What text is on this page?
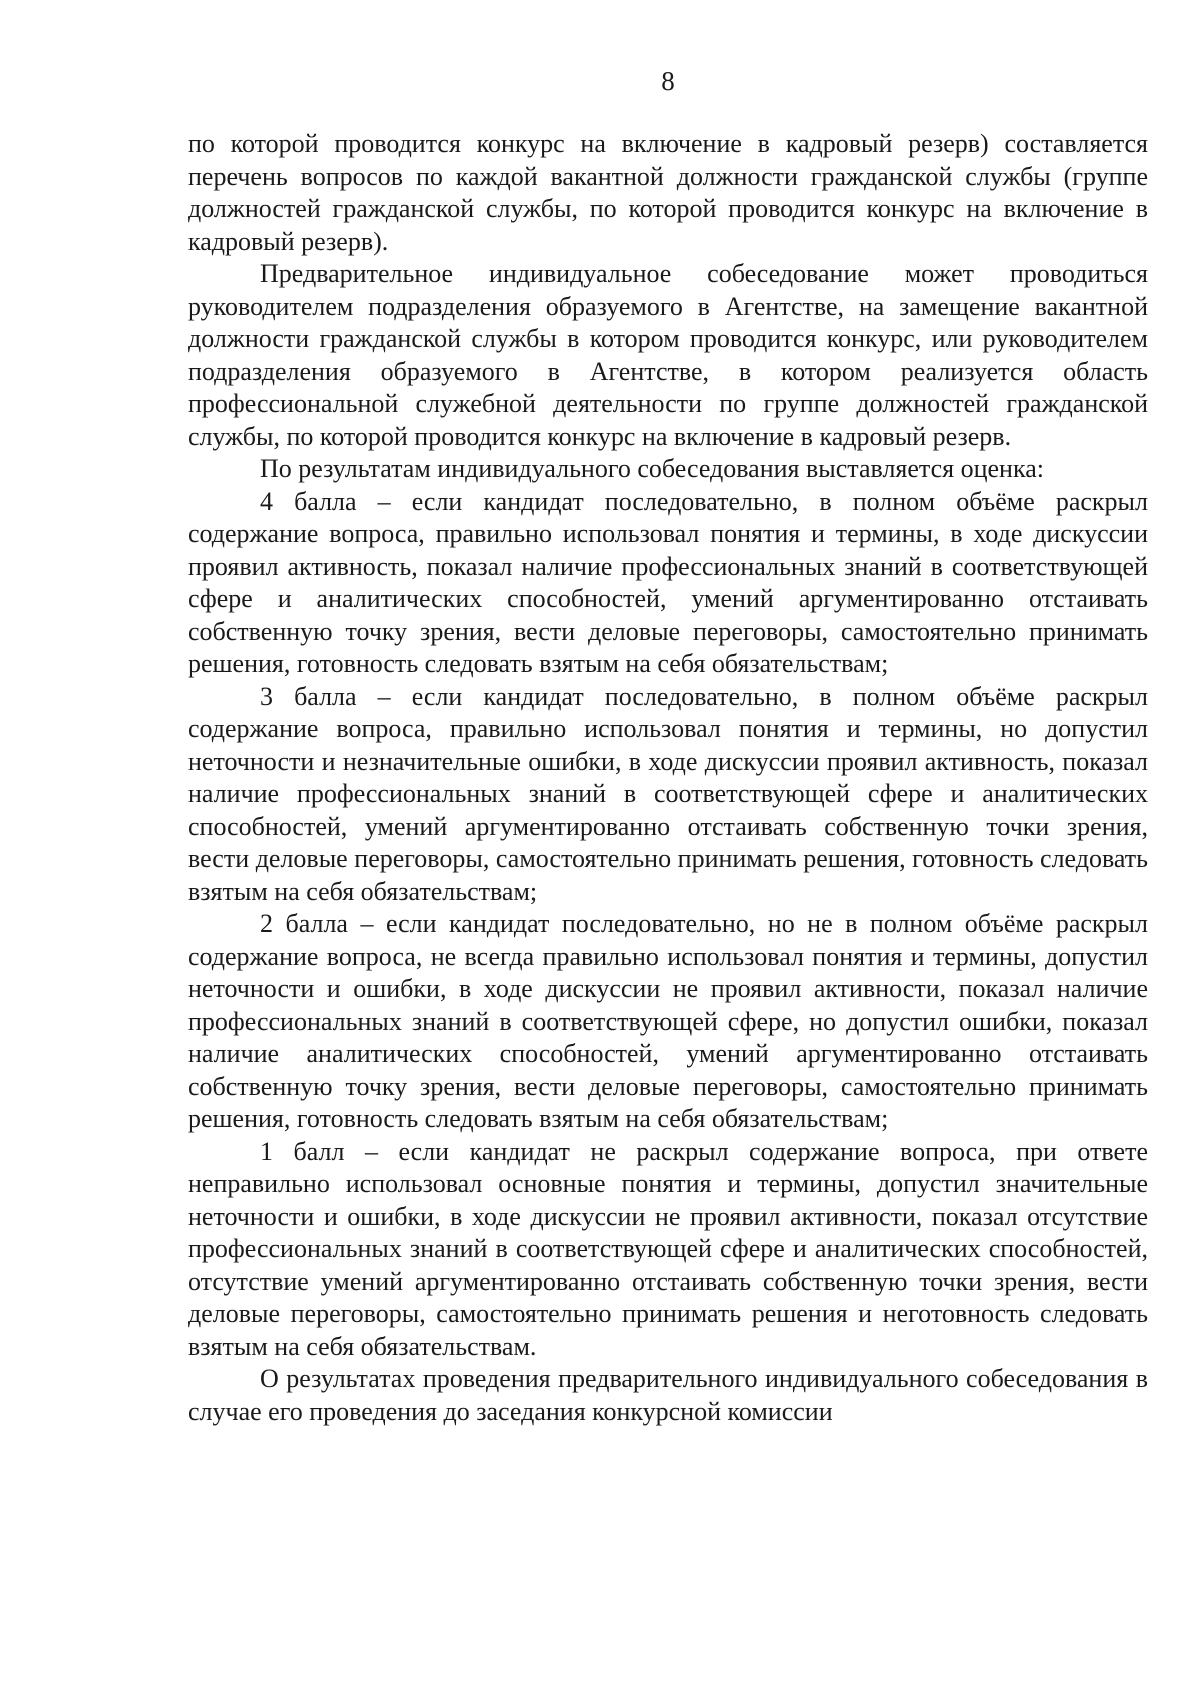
8

по которой проводится конкурс на включение в кадровый резерв) составляется перечень вопросов по каждой вакантной должности гражданской службы (группе должностей гражданской службы, по которой проводится конкурс на включение в кадровый резерв).

Предварительное индивидуальное собеседование может проводиться руководителем подразделения образуемого в Агентстве, на замещение вакантной должности гражданской службы в котором проводится конкурс, или руководителем подразделения образуемого в Агентстве, в котором реализуется область профессиональной служебной деятельности по группе должностей гражданской службы, по которой проводится конкурс на включение в кадровый резерв.

По результатам индивидуального собеседования выставляется оценка:

4 балла – если кандидат последовательно, в полном объёме раскрыл содержание вопроса, правильно использовал понятия и термины, в ходе дискуссии проявил активность, показал наличие профессиональных знаний в соответствующей сфере и аналитических способностей, умений аргументированно отстаивать собственную точку зрения, вести деловые переговоры, самостоятельно принимать решения, готовность следовать взятым на себя обязательствам;

3 балла – если кандидат последовательно, в полном объёме раскрыл содержание вопроса, правильно использовал понятия и термины, но допустил неточности и незначительные ошибки, в ходе дискуссии проявил активность, показал наличие профессиональных знаний в соответствующей сфере и аналитических способностей, умений аргументированно отстаивать собственную точки зрения, вести деловые переговоры, самостоятельно принимать решения, готовность следовать взятым на себя обязательствам;

2 балла – если кандидат последовательно, но не в полном объёме раскрыл содержание вопроса, не всегда правильно использовал понятия и термины, допустил неточности и ошибки, в ходе дискуссии не проявил активности, показал наличие профессиональных знаний в соответствующей сфере, но допустил ошибки, показал наличие аналитических способностей, умений аргументированно отстаивать собственную точку зрения, вести деловые переговоры, самостоятельно принимать решения, готовность следовать взятым на себя обязательствам;

1 балл – если кандидат не раскрыл содержание вопроса, при ответе неправильно использовал основные понятия и термины, допустил значительные неточности и ошибки, в ходе дискуссии не проявил активности, показал отсутствие профессиональных знаний в соответствующей сфере и аналитических способностей, отсутствие умений аргументированно отстаивать собственную точки зрения, вести деловые переговоры, самостоятельно принимать решения и неготовность следовать взятым на себя обязательствам.

О результатах проведения предварительного индивидуального собеседования в случае его проведения до заседания конкурсной комиссии
